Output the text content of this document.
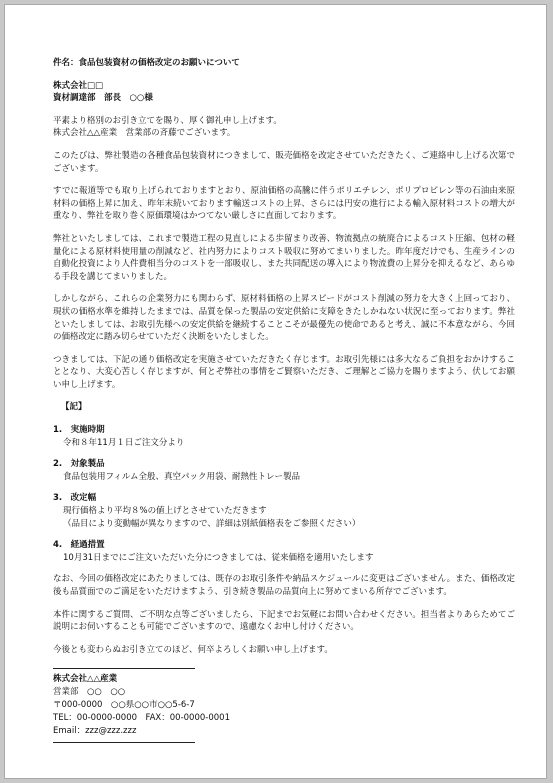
件名：食品包装資材の価格改定のお願いについて
株式会社□□
資材調達部　部長　○○様
平素より格別のお引き立てを賜り、厚く御礼申し上げます。
株式会社△△産業　営業部の斉藤でございます。
このたびは、弊社製造の各種食品包装資材につきまして、販売価格を改定させていただきたく、ご連絡申し上げる次第でございます。
すでに報道等でも取り上げられておりますとおり、原油価格の高騰に伴うポリエチレン、ポリプロピレン等の石油由来原材料の価格上昇に加え、昨年末続いております輸送コストの上昇、さらには円安の進行による輸入原材料コストの増大が重なり、弊社を取り巻く原価環境はかつてない厳しさに直面しております。
弊社といたしましては、これまで製造工程の見直しによる歩留まり改善、物流拠点の統廃合によるコスト圧縮、包材の軽量化による原材料使用量の削減など、社内努力によりコスト吸収に努めてまいりました。昨年度だけでも、生産ラインの自動化投資により人件費相当分のコストを一部吸収し、また共同配送の導入により物流費の上昇分を抑えるなど、あらゆる手段を講じてまいりました。
しかしながら、これらの企業努力にも関わらず、原材料価格の上昇スピードがコスト削減の努力を大きく上回っており、現状の価格水準を維持したままでは、品質を保った製品の安定供給に支障をきたしかねない状況に至っております。弊社といたしましては、お取引先様への安定供給を継続することこそが最優先の使命であると考え、誠に不本意ながら、今回の価格改定に踏み切らせていただく決断をいたしました。
つきましては、下記の通り価格改定を実施させていただきたく存じます。お取引先様には多大なるご負担をおかけすることとなり、大変心苦しく存じますが、何とぞ弊社の事情をご賢察いただき、ご理解とご協力を賜りますよう、伏してお願い申し上げます。
【記】
1.　実施時期
令和８年11月１日ご注文分より
2.　対象製品
食品包装用フィルム全般、真空パック用袋、耐熱性トレー製品
3.　改定幅
現行価格より平均８%の値上げとさせていただきます
（品目により変動幅が異なりますので、詳細は別紙価格表をご参照ください）
4.　経過措置
10月31日までにご注文いただいた分につきましては、従来価格を適用いたします
なお、今回の価格改定にあたりましては、既存のお取引条件や納品スケジュールに変更はございません。また、価格改定後も品質面でのご満足をいただけますよう、引き続き製品の品質向上に努めてまいる所存でございます。
本件に関するご質問、ご不明な点等ございましたら、下記までお気軽にお問い合わせください。担当者よりあらためてご説明にお伺いすることも可能でございますので、遠慮なくお申し付けください。
今後とも変わらぬお引き立てのほど、何卒よろしくお願い申し上げます。
株式会社△△産業
営業部　○○　○○
〒000-0000　○○県○○市○○5-6-7
TEL：00-0000-0000　FAX：00-0000-0001
Email：zzz@zzz.zzz
